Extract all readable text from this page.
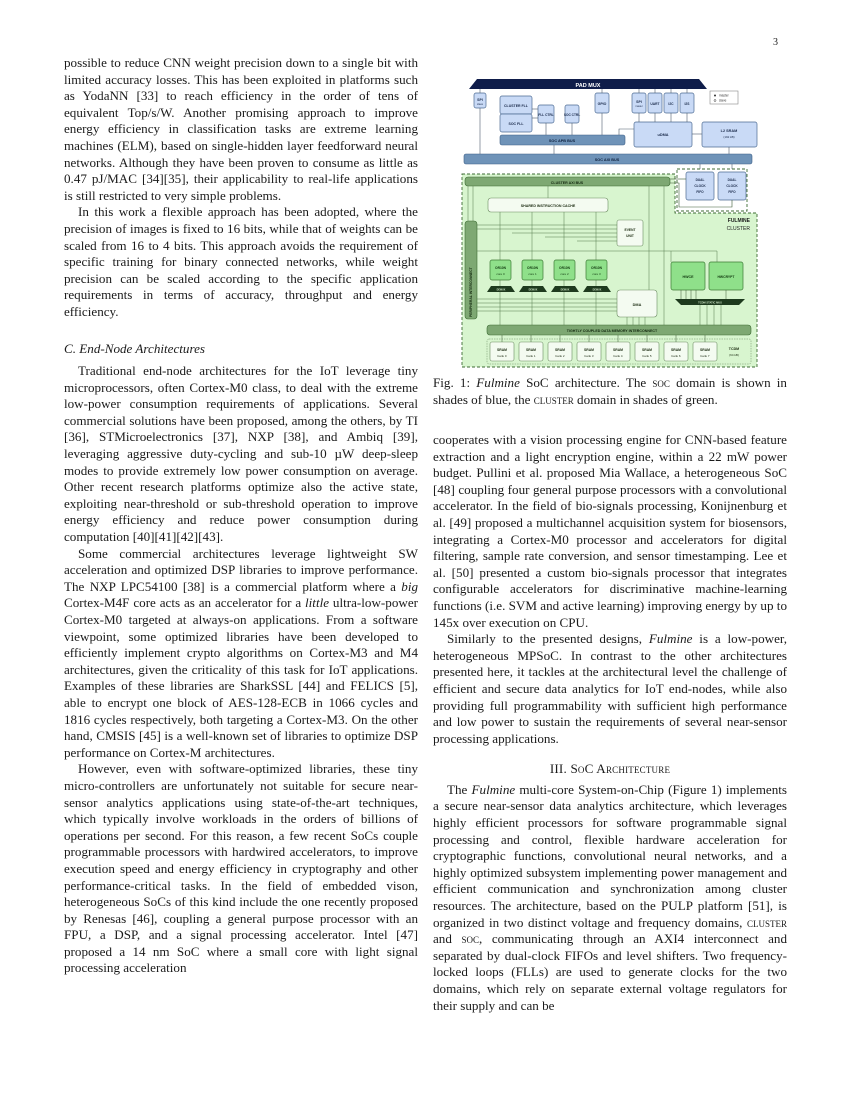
3

possible to reduce CNN weight precision down to a single bit with limited accuracy losses. This has been exploited in platforms such as YodaNN [33] to reach efficiency in the order of tens of equivalent Top/s/W. Another promising approach to improve energy efficiency in classification tasks are extreme learning machines (ELM), based on single-hidden layer feedforward neural networks. Although they have been proven to consume as little as 0.47 pJ/MAC [34][35], their applicability to real-life applications is still restricted to very simple problems.

In this work a flexible approach has been adopted, where the precision of images is fixed to 16 bits, while that of weights can be scaled from 16 to 4 bits. This approach avoids the requirement of specific training for binary connected networks, while weight precision can be scaled according to the specific application requirements in terms of accuracy, throughput and energy efficiency.

C. End-Node Architectures

Traditional end-node architectures for the IoT leverage tiny microprocessors, often Cortex-M0 class, to deal with the extreme low-power consumption requirements of applications. Several commercial solutions have been proposed, among the others, by TI [36], STMicroelectronics [37], NXP [38], and Ambiq [39], leveraging aggressive duty-cycling and sub-10 µW deep-sleep modes to provide extremely low power consumption on average. Other recent research platforms optimize also the active state, exploiting near-threshold or sub-threshold operation to improve energy efficiency and reduce power consumption during computation [40][41][42][43].

Some commercial architectures leverage lightweight SW acceleration and optimized DSP libraries to improve performance. The NXP LPC54100 [38] is a commercial platform where a big Cortex-M4F core acts as an accelerator for a little ultra-low-power Cortex-M0 targeted at always-on applications. From a software viewpoint, some optimized libraries have been developed to efficiently implement crypto algorithms on Cortex-M3 and M4 architectures, given the criticality of this task for IoT applications. Examples of these libraries are SharkSSL [44] and FELICS [5], able to encrypt one block of AES-128-ECB in 1066 cycles and 1816 cycles respectively, both targeting a Cortex-M3. On the other hand, CMSIS [45] is a well-known set of libraries to optimize DSP performance on Cortex-M architectures.

However, even with software-optimized libraries, these tiny micro-controllers are unfortunately not suitable for secure near-sensor analytics applications using state-of-the-art techniques, which typically involve workloads in the orders of billions of operations per second. For this reason, a few recent SoCs couple programmable processors with hardwired accelerators, to improve execution speed and energy efficiency in cryptography and other performance-critical tasks. In the field of embedded vison, heterogeneous SoCs of this kind include the one recently proposed by Renesas [46], coupling a general purpose processor with an FPU, a DSP, and a signal processing accelerator. Intel [47] proposed a 14 nm SoC where a small core with light signal processing acceleration

PAD MUX
master
slave
SPI
slave	CLUSTER FLL
SOC FLL
FLL CTRL	SOC CTRL
GPIO	SPI
master
UART	I2C	I2S
uDMA
L2 SRAM
(192 kB)
SOC APB BUS
SOC AXI BUS
DUAL
CLOCK
FIFO
DUAL
CLOCK
FIFO
FULMINE
CLUSTER
CLUSTER AXI BUS
SHARED INSTRUCTION CACHE
EVENT
UNIT
PERIPHERAL INTERCONNECT	OR10N	OR10N	OR10N	OR10N
core 0	core 1	core 2	core 3
DEMUX	DEMUX	DEMUX	DEMUX
DMA
HWCE	HWCRYPT
TCDM STATIC MUX
TIGHTLY COUPLED DATA MEMORY INTERCONNECT
SRAM	SRAM	SRAM	SRAM	SRAM	SRAM	SRAM	SRAM
bank 0	bank 1	bank 2	bank 3	bank 4	bank 5	bank 6	bank 7
TCDM
(64 kB)
Fig. 1: Fulmine SoC architecture. The soc domain is shown in shades of blue, the cluster domain in shades of green.

cooperates with a vision processing engine for CNN-based feature extraction and a light encryption engine, within a 22 mW power budget. Pullini et al. proposed Mia Wallace, a heterogeneous SoC [48] coupling four general purpose processors with a convolutional accelerator. In the field of bio-signals processing, Konijnenburg et al. [49] proposed a multichannel acquisition system for biosensors, integrating a Cortex-M0 processor and accelerators for digital filtering, sample rate conversion, and sensor timestamping. Lee et al. [50] presented a custom bio-signals processor that integrates configurable accelerators for discriminative machine-learning functions (i.e. SVM and active learning) improving energy by up to 145x over execution on CPU.

Similarly to the presented designs, Fulmine is a low-power, heterogeneous MPSoC. In contrast to the other architectures presented here, it tackles at the architectural level the challenge of efficient and secure data analytics for IoT end-nodes, while also providing full programmability with sufficient high performance and low power to sustain the requirements of several near-sensor processing applications.

III. SoC Architecture

The Fulmine multi-core System-on-Chip (Figure 1) implements a secure near-sensor data analytics architecture, which leverages highly efficient processors for software programmable signal processing and control, flexible hardware acceleration for cryptographic functions, convolutional neural networks, and a highly optimized subsystem implementing power management and efficient communication and synchronization among cluster resources. The architecture, based on the PULP platform [51], is organized in two distinct voltage and frequency domains, cluster and soc, communicating through an AXI4 interconnect and separated by dual-clock FIFOs and level shifters. Two frequency-locked loops (FLLs) are used to generate clocks for the two domains, which rely on separate external voltage regulators for their supply and can be
